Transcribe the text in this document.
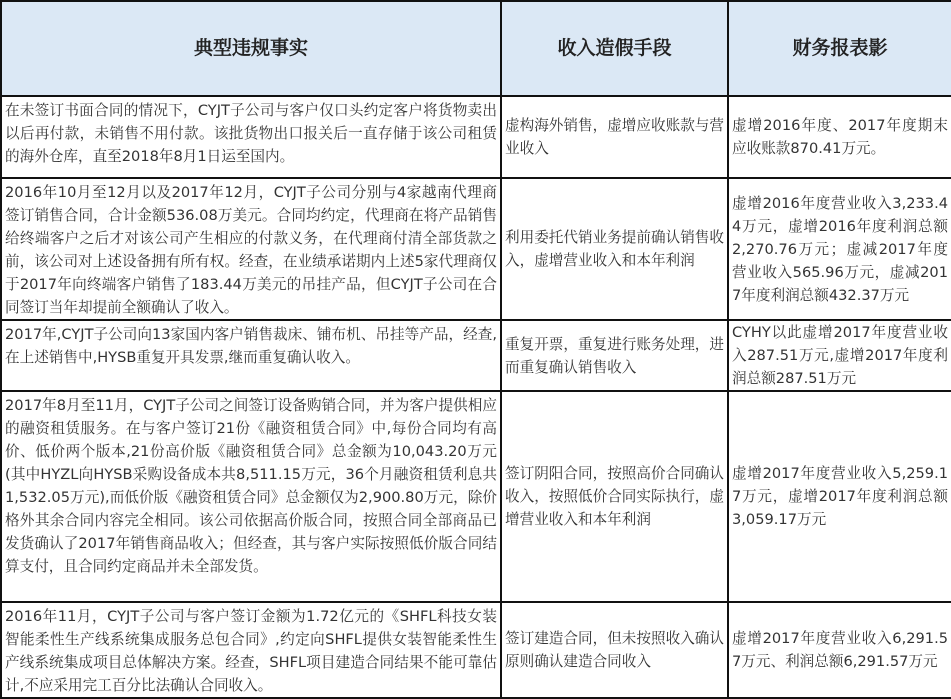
典型违规事实	收入造假手段	财务报表影
在未签订书面合同的情况下，CYJT子公司与客户仅口头约定客户将货物卖出以后再付款，未销售不用付款。该批货物出口报关后一直存储于该公司租赁的海外仓库，直至2018年8月1日运至国内。	虚构海外销售，虚增应收账款与营业收入	虚增2016年度、2017年度期末应收账款870.41万元。
2016年10月至12月以及2017年12月，CYJT子公司分别与4家越南代理商签订销售合同，合计金额536.08万美元。合同均约定，代理商在将产品销售给终端客户之后才对该公司产生相应的付款义务，在代理商付清全部货款之前，该公司对上述设备拥有所有权。经查，在业绩承诺期内上述5家代理商仅于2017年向终端客户销售了183.44万美元的吊挂产品，但CYJT子公司在合同签订当年却提前全额确认了收入。	利用委托代销业务提前确认销售收入，虚增营业收入和本年利润	虚增2016年度营业收入3,233.44万元，虚增2016年度利润总额2,270.76万元；虚减2017年度营业收入565.96万元，虚减2017年度利润总额432.37万元
2017年,CYJT子公司向13家国内客户销售裁床、铺布机、吊挂等产品，经查,在上述销售中,HYSB重复开具发票,继而重复确认收入。	重复开票，重复进行账务处理，进而重复确认销售收入	CYHY以此虚增2017年度营业收入287.51万元,虚增2017年度利润总额287.51万元
2017年8月至11月，CYJT子公司之间签订设备购销合同，并为客户提供相应的融资租赁服务。在与客户签订21份《融资租赁合同》中,每份合同均有高价、低价两个版本,21份高价版《融资租赁合同》总金额为10,043.20万元(其中HYZL向HYSB采购设备成本共8,511.15万元，36个月融资租赁利息共1,532.05万元),而低价版《融资租赁合同》总金额仅为2,900.80万元，除价格外其余合同内容完全相同。该公司依据高价版合同，按照合同全部商品已发货确认了2017年销售商品收入；但经查，其与客户实际按照低价版合同结算支付，且合同约定商品并未全部发货。	签订阴阳合同，按照高价合同确认收入，按照低价合同实际执行，虚增营业收入和本年利润	虚增2017年度营业收入5,259.17万元，虚增2017年度利润总额3,059.17万元
2016年11月，CYJT子公司与客户签订金额为1.72亿元的《SHFL科技女装智能柔性生产线系统集成服务总包合同》,约定向SHFL提供女装智能柔性生产线系统集成项目总体解决方案。经查，SHFL项目建造合同结果不能可靠估计,不应采用完工百分比法确认合同收入。	签订建造合同，但未按照收入确认原则确认建造合同收入	虚增2017年度营业收入6,291.57万元、利润总额6,291.57万元
